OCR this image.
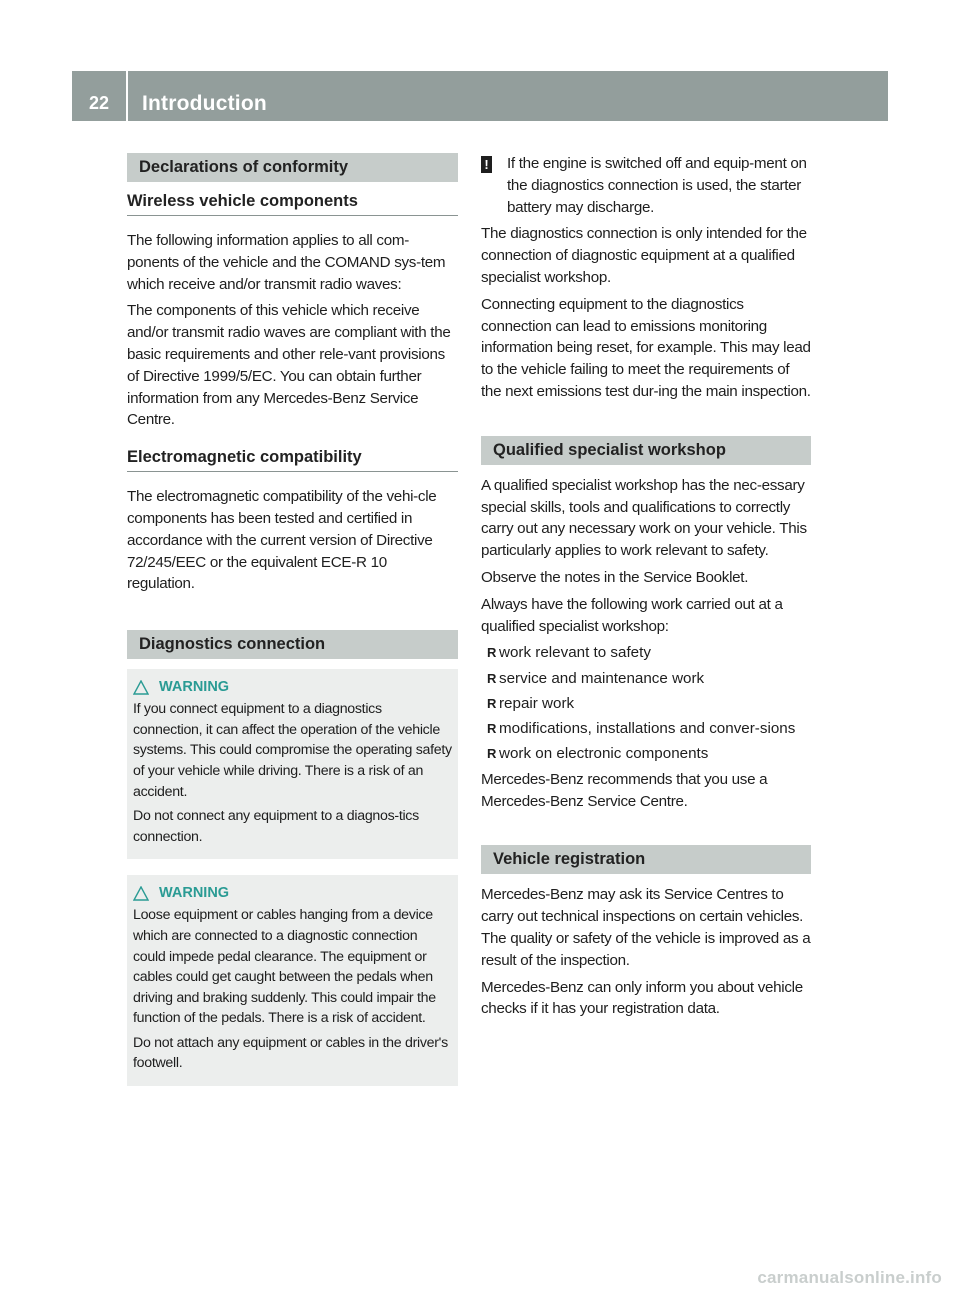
22	Introduction
Declarations of conformity
Wireless vehicle components

The following information applies to all com-ponents of the vehicle and the COMAND sys-tem which receive and/or transmit radio waves:

The components of this vehicle which receive and/or transmit radio waves are compliant with the basic requirements and other rele-vant provisions of Directive 1999/5/EC. You can obtain further information from any Mercedes-Benz Service Centre.

Electromagnetic compatibility

The electromagnetic compatibility of the vehi-cle components has been tested and certified in accordance with the current version of Directive 72/245/EEC or the equivalent ECE-R 10 regulation.

Diagnostics connection
WARNING

If you connect equipment to a diagnostics connection, it can affect the operation of the vehicle systems. This could compromise the operating safety of your vehicle while driving. There is a risk of an accident.

Do not connect any equipment to a diagnos-tics connection.

WARNING

Loose equipment or cables hanging from a device which are connected to a diagnostic connection could impede pedal clearance. The equipment or cables could get caught between the pedals when driving and braking suddenly. This could impair the function of the pedals. There is a risk of accident.

Do not attach any equipment or cables in the driver's footwell.

! If the engine is switched off and equip-ment on the diagnostics connection is used, the starter battery may discharge.

The diagnostics connection is only intended for the connection of diagnostic equipment at a qualified specialist workshop.

Connecting equipment to the diagnostics connection can lead to emissions monitoring information being reset, for example. This may lead to the vehicle failing to meet the requirements of the next emissions test dur-ing the main inspection.

Qualified specialist workshop

A qualified specialist workshop has the nec-essary special skills, tools and qualifications to correctly carry out any necessary work on your vehicle. This particularly applies to work relevant to safety.

Observe the notes in the Service Booklet.

Always have the following work carried out at a qualified specialist workshop:

R work relevant to safety
R service and maintenance work
R repair work
R modifications, installations and conver-sions
R work on electronic components

Mercedes-Benz recommends that you use a Mercedes-Benz Service Centre.

Vehicle registration

Mercedes-Benz may ask its Service Centres to carry out technical inspections on certain vehicles. The quality or safety of the vehicle is improved as a result of the inspection.

Mercedes-Benz can only inform you about vehicle checks if it has your registration data.

carmanualsonline.info
